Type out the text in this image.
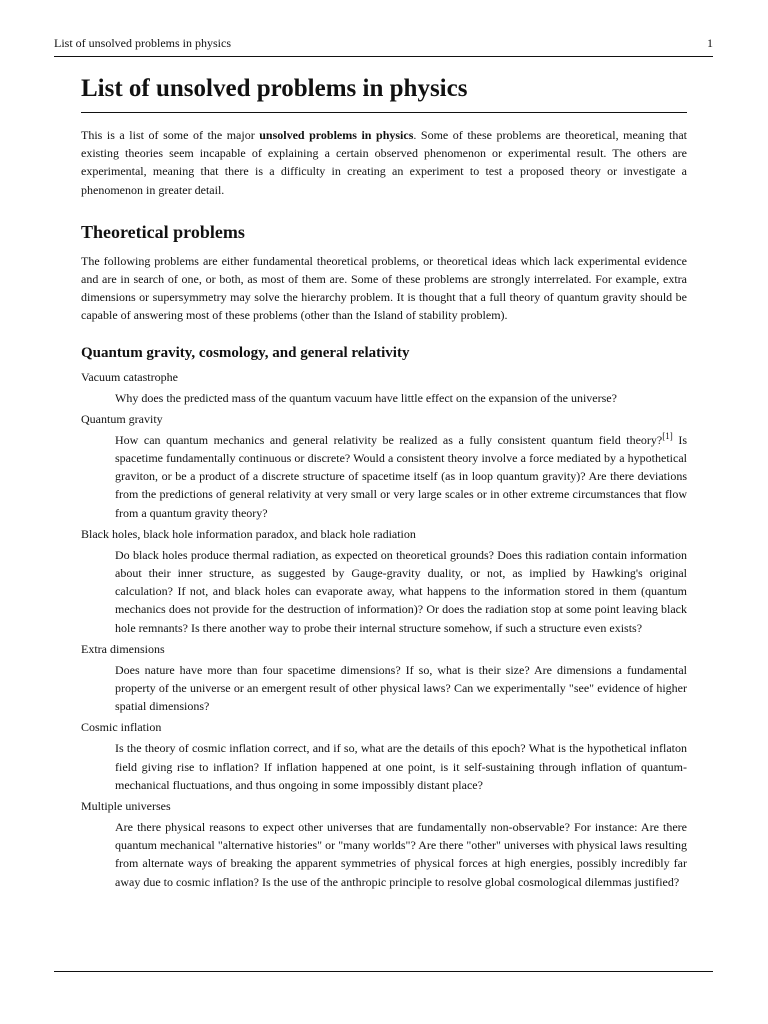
List of unsolved problems in physics	1
List of unsolved problems in physics

This is a list of some of the major unsolved problems in physics. Some of these problems are theoretical, meaning that existing theories seem incapable of explaining a certain observed phenomenon or experimental result. The others are experimental, meaning that there is a difficulty in creating an experiment to test a proposed theory or investigate a phenomenon in greater detail.

Theoretical problems

The following problems are either fundamental theoretical problems, or theoretical ideas which lack experimental evidence and are in search of one, or both, as most of them are. Some of these problems are strongly interrelated. For example, extra dimensions or supersymmetry may solve the hierarchy problem. It is thought that a full theory of quantum gravity should be capable of answering most of these problems (other than the Island of stability problem).

Quantum gravity, cosmology, and general relativity
Vacuum catastrophe

Why does the predicted mass of the quantum vacuum have little effect on the expansion of the universe?

Quantum gravity

How can quantum mechanics and general relativity be realized as a fully consistent quantum field theory?[1] Is spacetime fundamentally continuous or discrete? Would a consistent theory involve a force mediated by a hypothetical graviton, or be a product of a discrete structure of spacetime itself (as in loop quantum gravity)? Are there deviations from the predictions of general relativity at very small or very large scales or in other extreme circumstances that flow from a quantum gravity theory?

Black holes, black hole information paradox, and black hole radiation

Do black holes produce thermal radiation, as expected on theoretical grounds? Does this radiation contain information about their inner structure, as suggested by Gauge-gravity duality, or not, as implied by Hawking's original calculation? If not, and black holes can evaporate away, what happens to the information stored in them (quantum mechanics does not provide for the destruction of information)? Or does the radiation stop at some point leaving black hole remnants? Is there another way to probe their internal structure somehow, if such a structure even exists?

Extra dimensions

Does nature have more than four spacetime dimensions? If so, what is their size? Are dimensions a fundamental property of the universe or an emergent result of other physical laws? Can we experimentally "see" evidence of higher spatial dimensions?

Cosmic inflation

Is the theory of cosmic inflation correct, and if so, what are the details of this epoch? What is the hypothetical inflaton field giving rise to inflation? If inflation happened at one point, is it self-sustaining through inflation of quantum-mechanical fluctuations, and thus ongoing in some impossibly distant place?

Multiple universes

Are there physical reasons to expect other universes that are fundamentally non-observable? For instance: Are there quantum mechanical "alternative histories" or "many worlds"? Are there "other" universes with physical laws resulting from alternate ways of breaking the apparent symmetries of physical forces at high energies, possibly incredibly far away due to cosmic inflation? Is the use of the anthropic principle to resolve global cosmological dilemmas justified?
